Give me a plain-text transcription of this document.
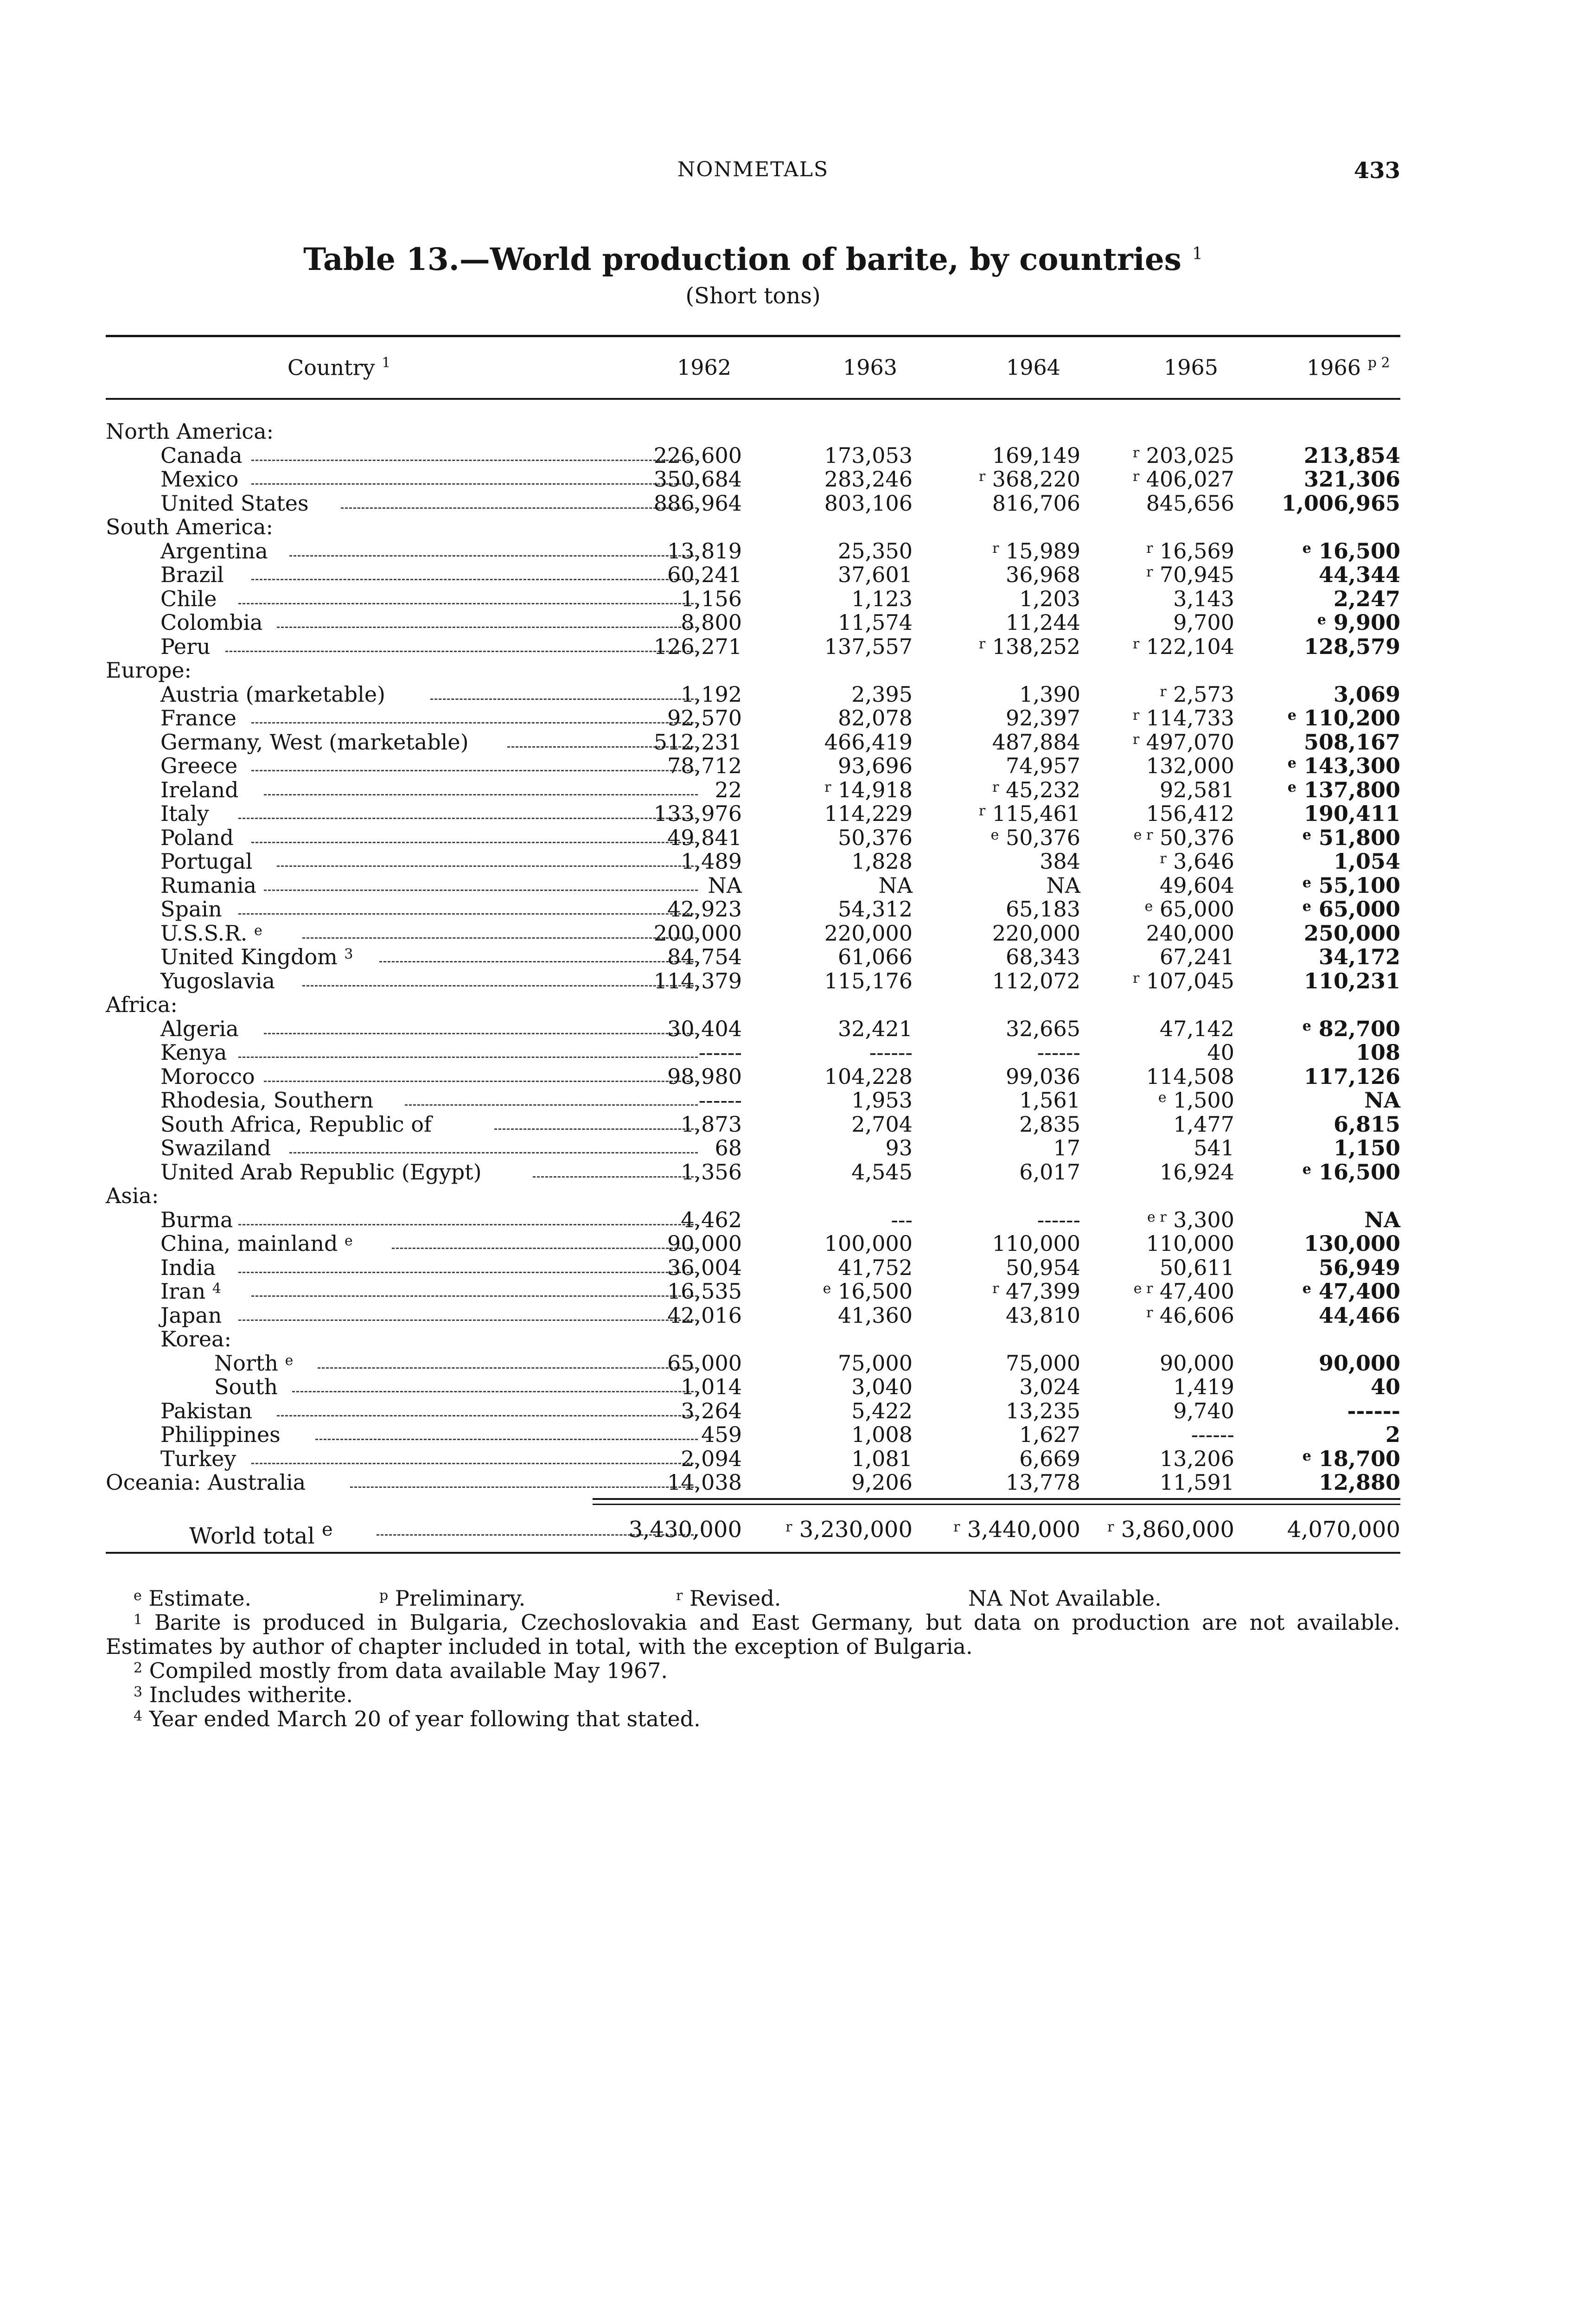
NONMETALS	433
Table 13.—World production of barite, by countries $^1$
(Short tons)
Country $^1$	1962	1963	1964	1965	1966 $^{p 2}$
North America:
Canada	226,600	173,053	169,149	$^r$ 203,025	213,854
Mexico	350,684	283,246	$^r$ 368,220	$^r$ 406,027	321,306
United States	886,964	803,106	816,706	845,656 1,006,965
South America:
Argentina	13,819	25,350	$^r$ 15,989	$^r$ 16,569	$^e$ 16,500
Brazil	60,241	37,601	36,968	$^r$ 70,945	44,344
Chile	1,156	1,123	1,203	3,143	2,247
Colombia	8,800	11,574	11,244	9,700	$^e$ 9,900
Peru	126,271	137,557	$^r$ 138,252	$^r$ 122,104	128,579
Europe:
Austria (marketable)	1,192	2,395	1,390	$^r$ 2,573	3,069
France	92,570	82,078	92,397	$^r$ 114,733	$^e$ 110,200
Germany, West (marketable)	512,231	466,419	487,884	$^r$ 497,070	508,167
Greece	78,712	93,696	74,957	132,000	$^e$ 143,300
Ireland	22	$^r$ 14,918	$^r$ 45,232	92,581	$^e$ 137,800
Italy	133,976	114,229	$^r$ 115,461	156,412	190,411
Poland	49,841	50,376	$^e$ 50,376	$^{e r}$ 50,376	$^e$ 51,800
Portugal	1,489	1,828	384	$^r$ 3,646	1,054
Rumania	NA	NA	NA	49,604	$^e$ 55,100
Spain	42,923	54,312	65,183	$^e$ 65,000	$^e$ 65,000
U.S.S.R. $^e$	200,000	220,000	220,000	240,000	250,000
United Kingdom $^3$	84,754	61,066	68,343	67,241	34,172
Yugoslavia	114,379	115,176	112,072	$^r$ 107,045	110,231
Africa:
Algeria	30,404	32,421	32,665	47,142	$^e$ 82,700
Kenya	------	------	------	40	108
Morocco	98,980	104,228	99,036	114,508	117,126
Rhodesia, Southern	------	1,953	1,561	$^e$ 1,500	NA
South Africa, Republic of	1,873	2,704	2,835	1,477	6,815
Swaziland	68	93	17	541	1,150
United Arab Republic (Egypt)	1,356	4,545	6,017	16,924	$^e$ 16,500
Asia:
Burma	4,462	---	------	$^{e r}$ 3,300	NA
China, mainland $^e$	90,000	100,000	110,000	110,000	130,000
India	36,004	41,752	50,954	50,611	56,949
Iran $^4$	16,535	$^e$ 16,500	$^r$ 47,399	$^{e r}$ 47,400	$^e$ 47,400
Japan	42,016	41,360	43,810	$^r$ 46,606	44,466
Korea:
North $^e$	65,000	75,000	75,000	90,000	90,000
South	1,014	3,040	3,024	1,419	40
Pakistan	3,264	5,422	13,235	9,740	------
Philippines	459	1,008	1,627	------	2
Turkey	2,094	1,081	6,669	13,206	$^e$ 18,700
Oceania: Australia	14,038	9,206	13,778	11,591	12,880
World total $^e$	3,430,000	$^r$ 3,230,000	$^r$ 3,440,000 $^r$ 3,860,000 4,070,000
$^e$ Estimate.	$^p$ Preliminary.	$^r$ Revised.	NA Not Available.
$^1$ Barite is produced in Bulgaria, Czechoslovakia and East Germany, but data on production are not available. Estimates by author of chapter included in total, with the exception of Bulgaria.
$^2$ Compiled mostly from data available May 1967.
$^3$ Includes witherite.
$^4$ Year ended March 20 of year following that stated.
